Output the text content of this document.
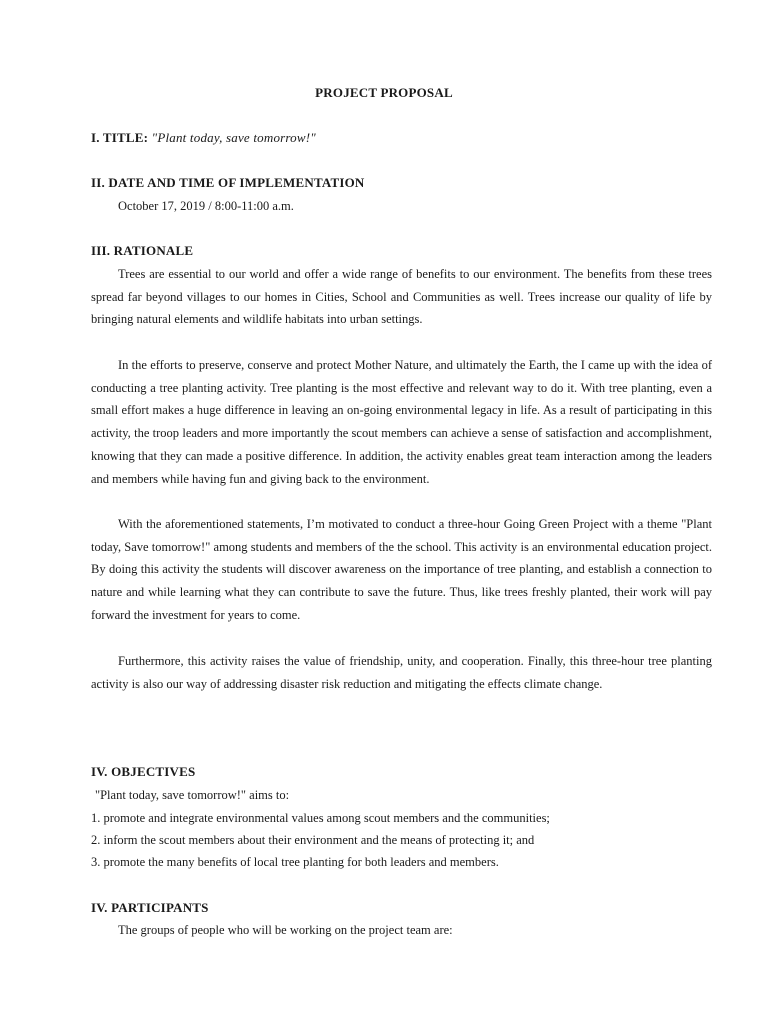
PROJECT PROPOSAL
I. TITLE: "Plant today, save tomorrow!"
II. DATE AND TIME OF IMPLEMENTATION
October 17, 2019 / 8:00-11:00 a.m.
III. RATIONALE
Trees are essential to our world and offer a wide range of benefits to our environment. The benefits from these trees spread far beyond villages to our homes in Cities, School and Communities as well. Trees increase our quality of life by bringing natural elements and wildlife habitats into urban settings.
In the efforts to preserve, conserve and protect Mother Nature, and ultimately the Earth, the I came up with the idea of conducting a tree planting activity. Tree planting is the most effective and relevant way to do it. With tree planting, even a small effort makes a huge difference in leaving an on-going environmental legacy in life. As a result of participating in this activity, the troop leaders and more importantly the scout members can achieve a sense of satisfaction and accomplishment, knowing that they can made a positive difference. In addition, the activity enables great team interaction among the leaders and members while having fun and giving back to the environment.
With the aforementioned statements, I’m motivated to conduct a three-hour Going Green Project with a theme "Plant today, Save tomorrow!" among students and members of the the school. This activity is an environmental education project. By doing this activity the students will discover awareness on the importance of tree planting, and establish a connection to nature and while learning what they can contribute to save the future. Thus, like trees freshly planted, their work will pay forward the investment for years to come.
Furthermore, this activity raises the value of friendship, unity, and cooperation. Finally, this three-hour tree planting activity is also our way of addressing disaster risk reduction and mitigating the effects climate change.
IV. OBJECTIVES
"Plant today, save tomorrow!" aims to:
1. promote and integrate environmental values among scout members and the communities;
2. inform the scout members about their environment and the means of protecting it; and
3. promote the many benefits of local tree planting for both leaders and members.
IV. PARTICIPANTS
The groups of people who will be working on the project team are:
